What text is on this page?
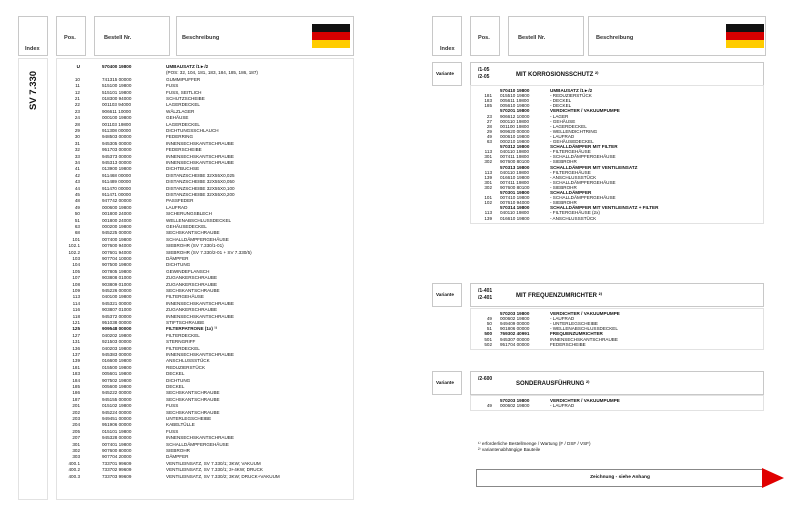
Index
Pos.	Bestell Nr.	Beschreibung
SV 7.330
U	570400 19800	UMBAUSATZ /1►/2
(POS: 32, 104, 181, 183, 184, 185, 186, 187)
10	741315 00000	GUMMIPUFFER
11	515100 19800	FUSS
12	515101 19800	FUSS, SEITLICH
21	018300 94000	SCHUTZSCHEIBE
22	001103 94000	LAGERDECKEL
23	906611 10000	WÄLZLAGER
24	000100 19800	GEHÄUSE
28	001103 19800	LAGERDECKEL
29	911308 00000	DICHTUNGSSCHLAUCH
30	948503 00000	FEDERRING
31	945305 00000	INNENSECHSKANTSCHRAUBE
32	951703 00000	FEDERSCHEIBE
33	945373 00000	INNENSECHSKANTSCHRAUBE
34	945313 00000	INNENSECHSKANTSCHRAUBE
41	013900 19800	DICHTBUCHSE
42	911468 00000	DISTANZSCHEIBE 32X55X0,025
43	911489 00000	DISTANZSCHEIBE 32X55X0,050
44	911470 00000	DISTANZSCHEIBE 32X55X0,100
45	911471 00000	DISTANZSCHEIBE 32X55X0,200
48	947742 00000	PASSFEDER
49	000600 19800	LAUFRAD
50	001800 24000	SICHERUNGSBLECH
51	001800 24000	WELLENABSCHLUSSDECKEL
63	000200 19800	GEHÄUSEDECKEL
68	945225 00000	SECHSKANTSCHRAUBE
101	007400 19800	SCHALLDÄMPFERGEHÄUSE
102.1	007600 94000	SIEBROHR (SV 7.330/1-01)
102.2	007601 94000	SIEBROHR (SV 7.330/2-01 + SV 7.330/5)
103	907704 10000	DÄMPFER
104	907500 19800	DICHTUNG
105	007805 19800	GEWINDEFLANSCH
107	903808 01000	ZUGANKERSCHRAUBE
108	903809 01000	ZUGANKERSCHRAUBE
109	945226 00000	SECHSKANTSCHRAUBE
113	040100 19800	FILTERGEHÄUSE
114	945321 00000	INNENSECHSKANTSCHRAUBE
116	903807 01000	ZUGANKERSCHRAUBE
118	945372 00000	INNENSECHSKANTSCHRAUBE
121	951038 00000	STIFTSCHRAUBE
125	909548 00000	FILTERPATRONE (1x) ¹⁾
127	040202 19800	FILTERDECKEL
131	921503 00000	STERNGRIFF
136	040203 19800	FILTERDECKEL
137	945383 00000	INNENSECHSKANTSCHRAUBE
139	016600 19800	ANSCHLUSSSTÜCK
181	015500 19800	REDUZIERSTÜCK
183	005601 19800	DECKEL
184	907502 19800	DICHTUNG
185	005600 19800	DECKEL
186	945222 00000	SECHSKANTSCHRAUBE
187	945155 00000	SECHSKANTSCHRAUBE
201	015102 19800	FUSS
202	945224 00000	SECHSKANTSCHRAUBE
203	949451 00000	UNTERLEGSCHEIBE
204	951906 00000	KABELTÜLLE
205	015101 19800	FUSS
207	945328 00000	INNENSECHSKANTSCHRAUBE
301	007401 19800	SCHALLDÄMPFERGEHÄUSE
302	907600 80000	SIEBROHR
303	907704 20000	DÄMPFER
400.1	733701 99609	VENTILEINSATZ, SV 7.330/1; 3KW; VAKUUM
400.2	733702 99609	VENTILEINSATZ, SV 7.330/1; 3+4KW; DRUCK
400.3	733703 99609	VENTILEINSATZ, SV 7.330/2; 3KW; DRUCK+VAKUUM
Index
Pos.	Bestell Nr.	Beschreibung
Variante
/1-05
/2-05	MIT KORROSIONSSCHUTZ ²⁾
570410 19800	UMBAUSATZ /1►/2
181 015510 19800	- REDUZIERSTÜCK
183 005611 19800	- DECKEL
185 005610 19800	- DECKEL
570201 19800	VERDICHTER / VAKUUMPUMPE
23 906612 10000	- LAGER
27 000110 19800	- GEHÄUSE
28 001100 19800	- LAGERDECKEL
29 909620 00000	- WELLENDICHTRING
49 000610 19800	- LAUFRAD
63 000210 19800	- GEHÄUSEDECKEL
570312 19800	SCHALLDÄMPFER MIT FILTER
113 040110 19800	- FILTERGEHÄUSE
301 007411 19800	- SCHALLDÄMPFERGEHÄUSE
302 907600 80100	- SIEBROHR
570313 19800	SCHALLDÄMPFER MIT VENTILEINSATZ
113 040110 19800	- FILTERGEHÄUSE
139 016610 19800	- ANSCHLUSSSTÜCK
301 007411 19800	- SCHALLDÄMPFERGEHÄUSE
302 907600 80100	- SIEBROHR
570301 19800	SCHALLDÄMPFER
101 007410 19800	- SCHALLDÄMPFERGEHÄUSE
102 007610 94000	- SIEBROHR
570314 19800	SCHALLDÄMPFER MIT VENTILEINSATZ + FILTER
113 040110 19800	- FILTERGEHÄUSE (2x)
139 016610 19800	- ANSCHLUSSSTÜCK
Variante
/1-401
/2-401	MIT FREQUENZUMRICHTER ²⁾
570203 19800	VERDICHTER / VAKUUMPUMPE
49 000602 19800	- LAUFRAD
50 949409 00000	- UNTERLEGSCHEIBE
51 901806 00000	- WELLENABSCHLUSSDECKEL
500 769302 40991	FREQUENZUMRICHTER
501 945307 00000	INNENSECHSKANTSCHRAUBE
502 951704 00000	FEDERSCHEIBE
Variante
/2-600
SONDERAUSFÜHRUNG ²⁾
570203 19800	VERDICHTER / VAKUUMPUMPE
49 000602 19800	- LAUFRAD
¹⁾ erforderliche Bestellmenge / Wartung (F / DSF / VSF)
²⁾ variantenabhängige Bauteile
Zeichnung - siehe Anhang
